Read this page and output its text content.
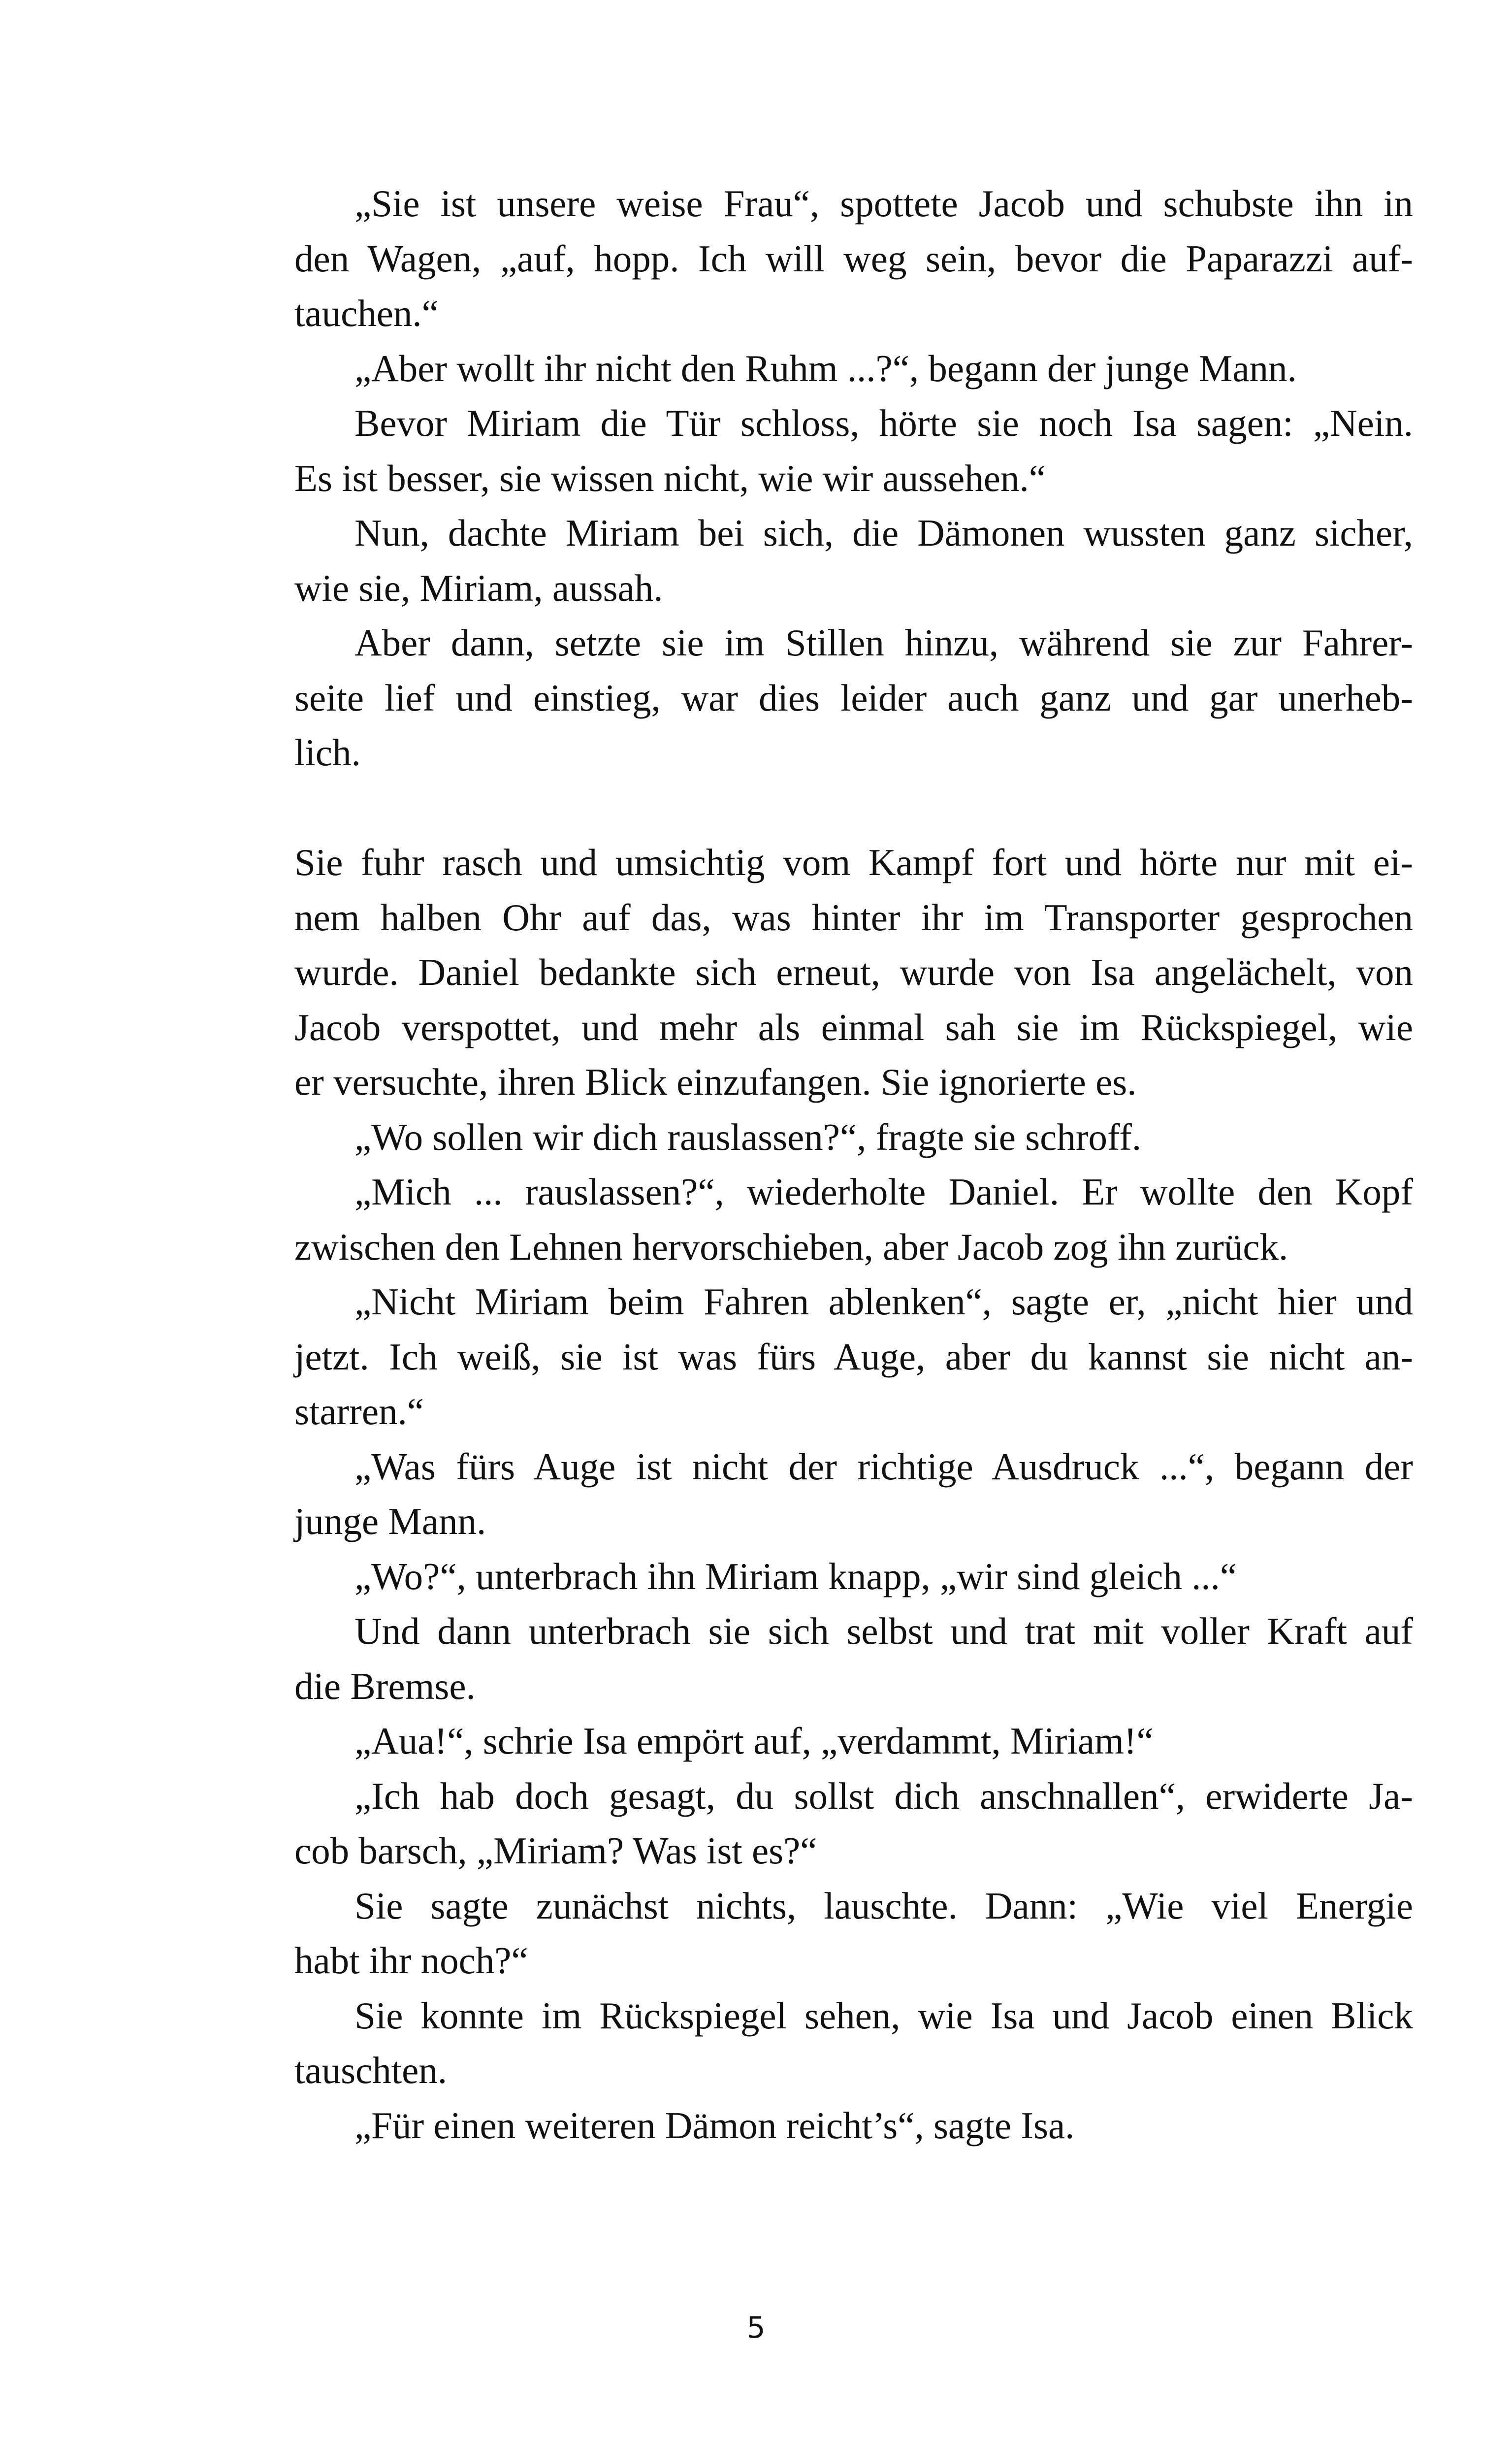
„Sie ist unsere weise Frau“, spottete Jacob und schubste ihn in
den Wagen, „auf, hopp. Ich will weg sein, bevor die Paparazzi auf-
tauchen.“
„Aber wollt ihr nicht den Ruhm ...?“, begann der junge Mann.
Bevor Miriam die Tür schloss, hörte sie noch Isa sagen: „Nein.
Es ist besser, sie wissen nicht, wie wir aussehen.“
Nun, dachte Miriam bei sich, die Dämonen wussten ganz sicher,
wie sie, Miriam, aussah.
Aber dann, setzte sie im Stillen hinzu, während sie zur Fahrer-
seite lief und einstieg, war dies leider auch ganz und gar unerheb-
lich.
Sie fuhr rasch und umsichtig vom Kampf fort und hörte nur mit ei-
nem halben Ohr auf das, was hinter ihr im Transporter gesprochen
wurde. Daniel bedankte sich erneut, wurde von Isa angelächelt, von
Jacob verspottet, und mehr als einmal sah sie im Rückspiegel, wie
er versuchte, ihren Blick einzufangen. Sie ignorierte es.
„Wo sollen wir dich rauslassen?“, fragte sie schroff.
„Mich ... rauslassen?“, wiederholte Daniel. Er wollte den Kopf
zwischen den Lehnen hervorschieben, aber Jacob zog ihn zurück.
„Nicht Miriam beim Fahren ablenken“, sagte er, „nicht hier und
jetzt. Ich weiß, sie ist was fürs Auge, aber du kannst sie nicht an-
starren.“
„Was fürs Auge ist nicht der richtige Ausdruck ...“, begann der
junge Mann.
„Wo?“, unterbrach ihn Miriam knapp, „wir sind gleich ...“
Und dann unterbrach sie sich selbst und trat mit voller Kraft auf
die Bremse.
„Aua!“, schrie Isa empört auf, „verdammt, Miriam!“
„Ich hab doch gesagt, du sollst dich anschnallen“, erwiderte Ja-
cob barsch, „Miriam? Was ist es?“
Sie sagte zunächst nichts, lauschte. Dann: „Wie viel Energie
habt ihr noch?“
Sie konnte im Rückspiegel sehen, wie Isa und Jacob einen Blick
tauschten.
„Für einen weiteren Dämon reicht’s“, sagte Isa.
5
